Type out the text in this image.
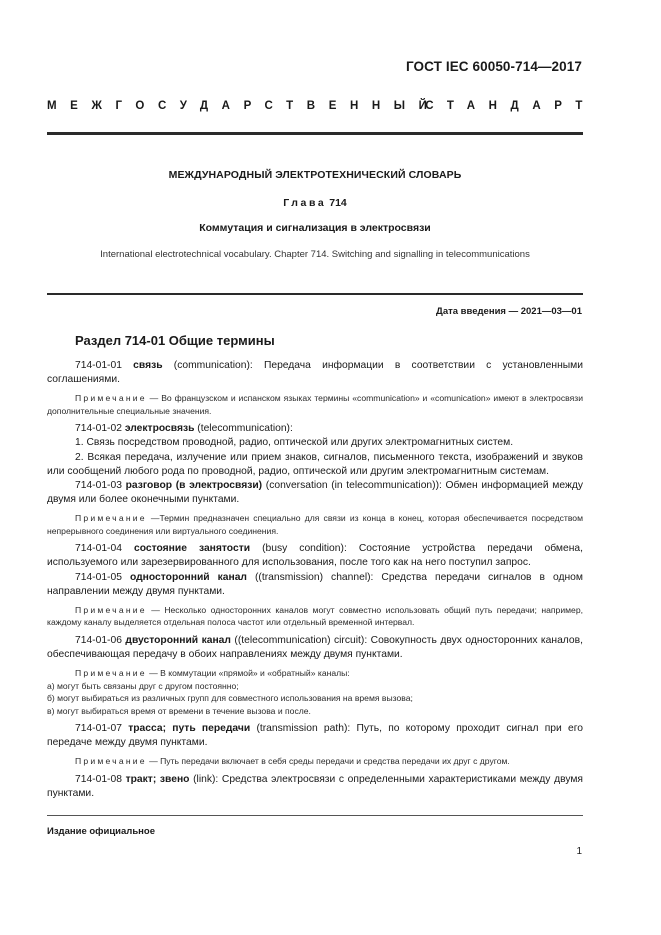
ГОСТ IEC 60050-714—2017
МЕЖГОСУДАРСТВЕННЫЙ
СТАНДАРТ
МЕЖДУНАРОДНЫЙ ЭЛЕКТРОТЕХНИЧЕСКИЙ СЛОВАРЬ
Глава 714
Коммутация и сигнализация в электросвязи
International electrotechnical vocabulary. Chapter 714. Switching and signalling in telecommunications
Дата введения — 2021—03—01
Раздел 714-01 Общие термины

714-01-01 связь (communication): Передача информации в соответствии с установленными соглашениями.

Примечание — Во французском и испанском языках термины «communication» и «comunication» имеют в электросвязи дополнительные специальные значения.

714-01-02 электросвязь (telecommunication):

1. Связь посредством проводной, радио, оптической или других электромагнитных систем.

2. Всякая передача, излучение или прием знаков, сигналов, письменного текста, изображений и звуков или сообщений любого рода по проводной, радио, оптической или другим электромагнитным системам.

714-01-03 разговор (в электросвязи) (conversation (in telecommunication)): Обмен информацией между двумя или более оконечными пунктами.

Примечание —Термин предназначен специально для связи из конца в конец, которая обеспечивается посредством непрерывного соединения или виртуального соединения.

714-01-04 состояние занятости (busy condition): Состояние устройства передачи обмена, используемого или зарезервированного для использования, после того как на него поступил запрос.

714-01-05 односторонний канал ((transmission) channel): Средства передачи сигналов в одном направлении между двумя пунктами.

Примечание — Несколько односторонних каналов могут совместно использовать общий путь передачи; например, каждому каналу выделяется отдельная полоса частот или отдельный временной интервал.

714-01-06 двусторонний канал ((telecommunication) circuit): Совокупность двух односторонних каналов, обеспечивающая передачу в обоих направлениях между двумя пунктами.

Примечание — В коммутации «прямой» и «обратный» каналы:

а) могут быть связаны друг с другом постоянно;

б) могут выбираться из различных групп для совместного использования на время вызова;

в) могут выбираться время от времени в течение вызова и после.

714-01-07 трасса; путь передачи (transmission path): Путь, по которому проходит сигнал при его передаче между двумя пунктами.

Примечание — Путь передачи включает в себя среды передачи и средства передачи их друг с другом.

714-01-08 тракт; звено (link): Средства электросвязи с определенными характеристиками между двумя пунктами.

Издание официальное
1
